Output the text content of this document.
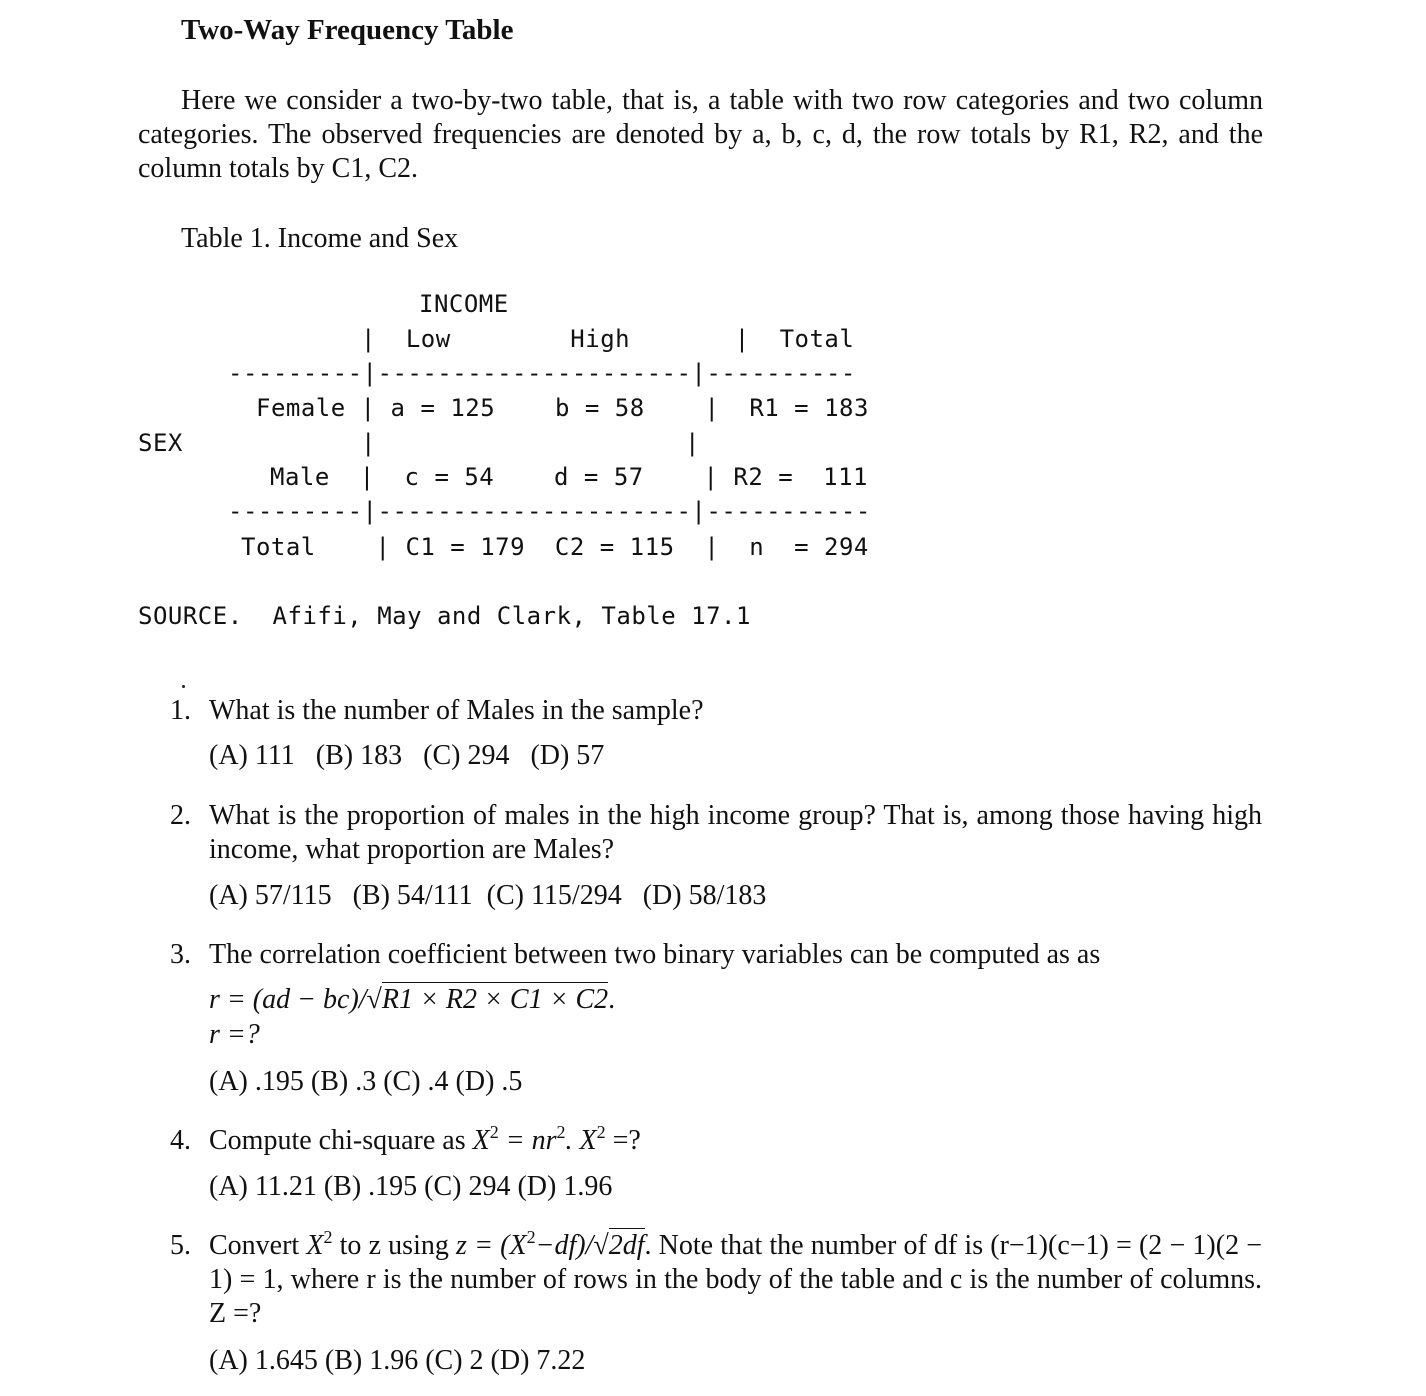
Two-Way Frequency Table
Here we consider a two-by-two table, that is, a table with two row categories and two column categories. The observed frequencies are denoted by a, b, c, d, the row totals by R1, R2, and the column totals by C1, C2.
Table 1. Income and Sex
INCOME
|  Low        High       |  Total
---------|---------------------|----------
Female | a = 125    b = 58    |  R1 = 183
SEX	|	|
Male  |  c = 54    d = 57    | R2 =  111
---------|---------------------|-----------
Total    | C1 = 179  C2 = 115  |  n  = 294
SOURCE.  Afifi, May and Clark, Table 17.1
1. What is the number of Males in the sample?
(A) 111   (B) 183   (C) 294   (D) 57
2. What is the proportion of males in the high income group? That is, among those having high income, what proportion are Males?
(A) 57/115   (B) 54/111  (C) 115/294   (D) 58/183
3. The correlation coefficient between two binary variables can be computed as as
r = (ad − bc)/√R1 × R2 × C1 × C2.
r =?
(A) .195 (B) .3 (C) .4 (D) .5
4. Compute chi-square as $X^2 = nr^2$. $X^2$ =?
(A) 11.21 (B) .195 (C) 294 (D) 1.96
5. Convert $X^2$ to z using $z = (X^2-df)/√2df$. Note that the number of df is (r−1)(c−1) = (2 − 1)(2 − 1) = 1, where r is the number of rows in the body of the table and c is the number of columns. Z =?
(A) 1.645 (B) 1.96 (C) 2 (D) 7.22
